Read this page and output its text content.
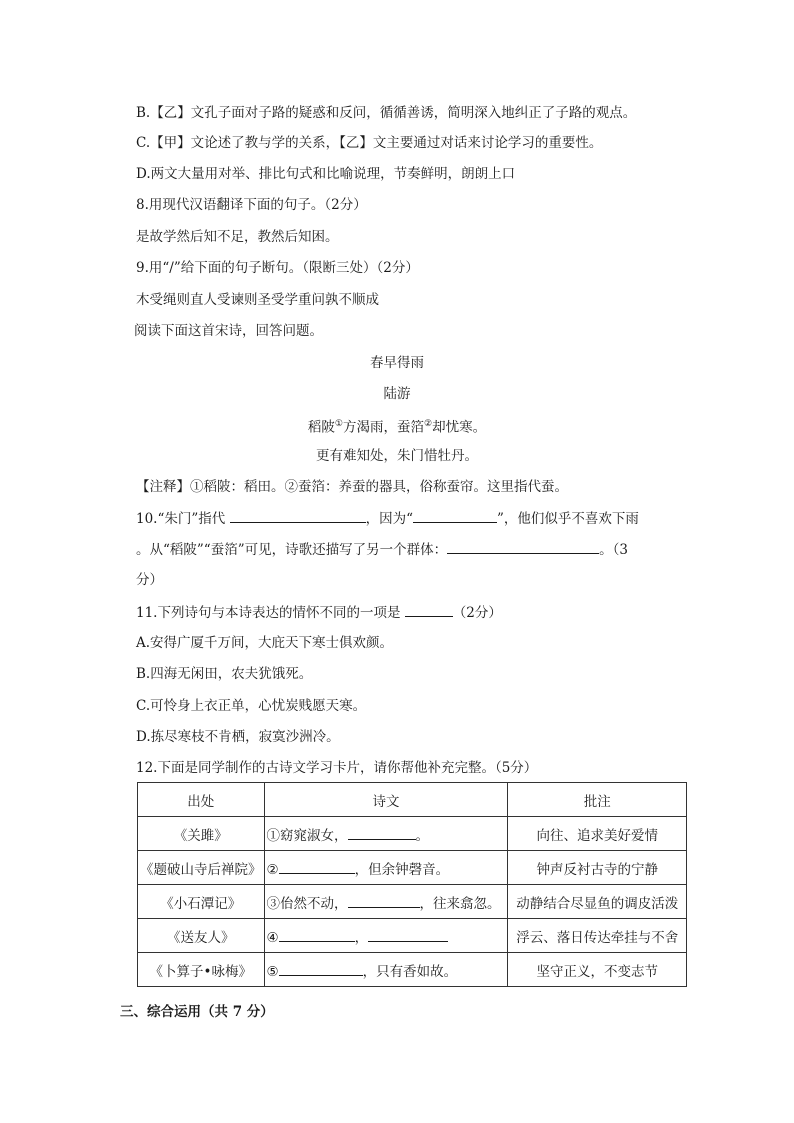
B.【乙】文孔子面对子路的疑惑和反问，循循善诱，简明深入地纠正了子路的观点。
C.【甲】文论述了教与学的关系，【乙】文主要通过对话来讨论学习的重要性。
D.两文大量用对举、排比句式和比喻说理，节奏鲜明，朗朗上口
8.用现代汉语翻译下面的句子。（2分）
是故学然后知不足，教然后知困。
9.用“/”给下面的句子断句。（限断三处）（2分）
木受绳则直人受谏则圣受学重问孰不顺成
阅读下面这首宋诗，回答问题。
春早得雨
陆游
稻陂①方渴雨，蚕箔②却忧寒。
更有难知处，朱门惜牡丹。
【注释】①稻陂：稻田。②蚕箔：养蚕的器具，俗称蚕帘。这里指代蚕。
10.“朱门”指代	，因为“	”，他们似乎不喜欢下雨
。从“稻陂”“蚕箔”可见，诗歌还描写了另一个群体：	。（3
分）
11.下列诗句与本诗表达的情怀不同的一项是	（2分）
A.安得广厦千万间，大庇天下寒士俱欢颜。
B.四海无闲田，农夫犹饿死。
C.可怜身上衣正单，心忧炭贱愿天寒。
D.拣尽寒枝不肯栖，寂寞沙洲冷。
12.下面是同学制作的古诗文学习卡片，请你帮他补充完整。（5分）
出处	诗文	批注
《关雎》	①窈窕淑女， 。	向往、追求美好爱情
《题破山寺后禅院》	② ，但余钟磬音。	钟声反衬古寺的宁静
《小石潭记》	③佁然不动， ，往来翕忽。	动静结合尽显鱼的调皮活泼
《送友人》	④ ，	浮云、落日传达牵挂与不舍
《卜算子•咏梅》	⑤ ，只有香如故。	坚守正义，不变志节
三、综合运用（共 7 分）
